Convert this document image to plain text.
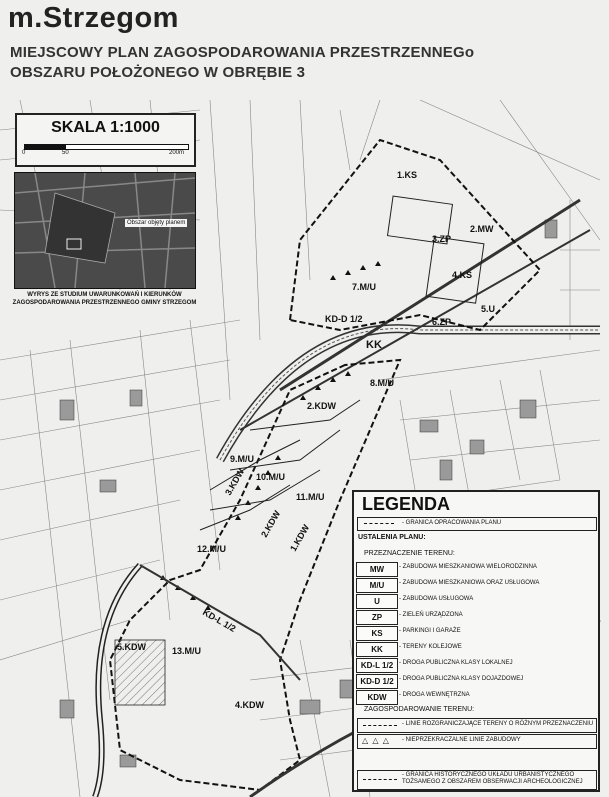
m.Strzegom
MIEJSCOWY PLAN ZAGOSPODAROWANIA PRZESTRZENNEGo
OBSZARU POŁOŻONEGO W OBRĘBIE 3
1.KS
2.MW
3.ZP
4.KS
5.U
6.ZP
7.M/U
KD-D 1/2
KK
8.M/U
2.KDW
9.M/U
10.M/U
11.M/U
12.M/U
13.M/U
5.KDW
4.KDW
KD-L 1/2
3.KDW
2.KDW 1.KDW
SKALA 1:1000
0	50	200m
Obszar objęty planem
WYRYS ZE STUDIUM UWARUNKOWAŃ I KIERUNKÓW ZAGOSPODAROWANIA PRZESTRZENNEGO GMINY STRZEGOM
LEGENDA
- GRANICA OPRACOWANIA PLANU
USTALENIA PLANU:
PRZEZNACZENIE TERENU:
MW	- ZABUDOWA MIESZKANIOWA WIELORODZINNA
M/U	- ZABUDOWA MIESZKANIOWA ORAZ USŁUGOWA
U	- ZABUDOWA USŁUGOWA
ZP	- ZIELEŃ URZĄDZONA
KS	- PARKINGI I GARAŻE
KK	- TERENY KOLEJOWE
KD-L 1/2 - DROGA PUBLICZNA KLASY LOKALNEJ
KD-D 1/2 - DROGA PUBLICZNA KLASY DOJAZDOWEJ
KDW	- DROGA WEWNĘTRZNA
ZAGOSPODAROWANIE TERENU:
- LINIE ROZGRANICZAJĄCE TERENY O RÓŻNYM PRZEZNACZENIU
△ △ △ - NIEPRZEKRACZALNE LINIE ZABUDOWY
- GRANICA HISTORYCZNEGO UKŁADU URBANISTYCZNEGO TOŻSAMEGO Z OBSZAREM OBSERWACJI ARCHEOLOGICZNEJ
